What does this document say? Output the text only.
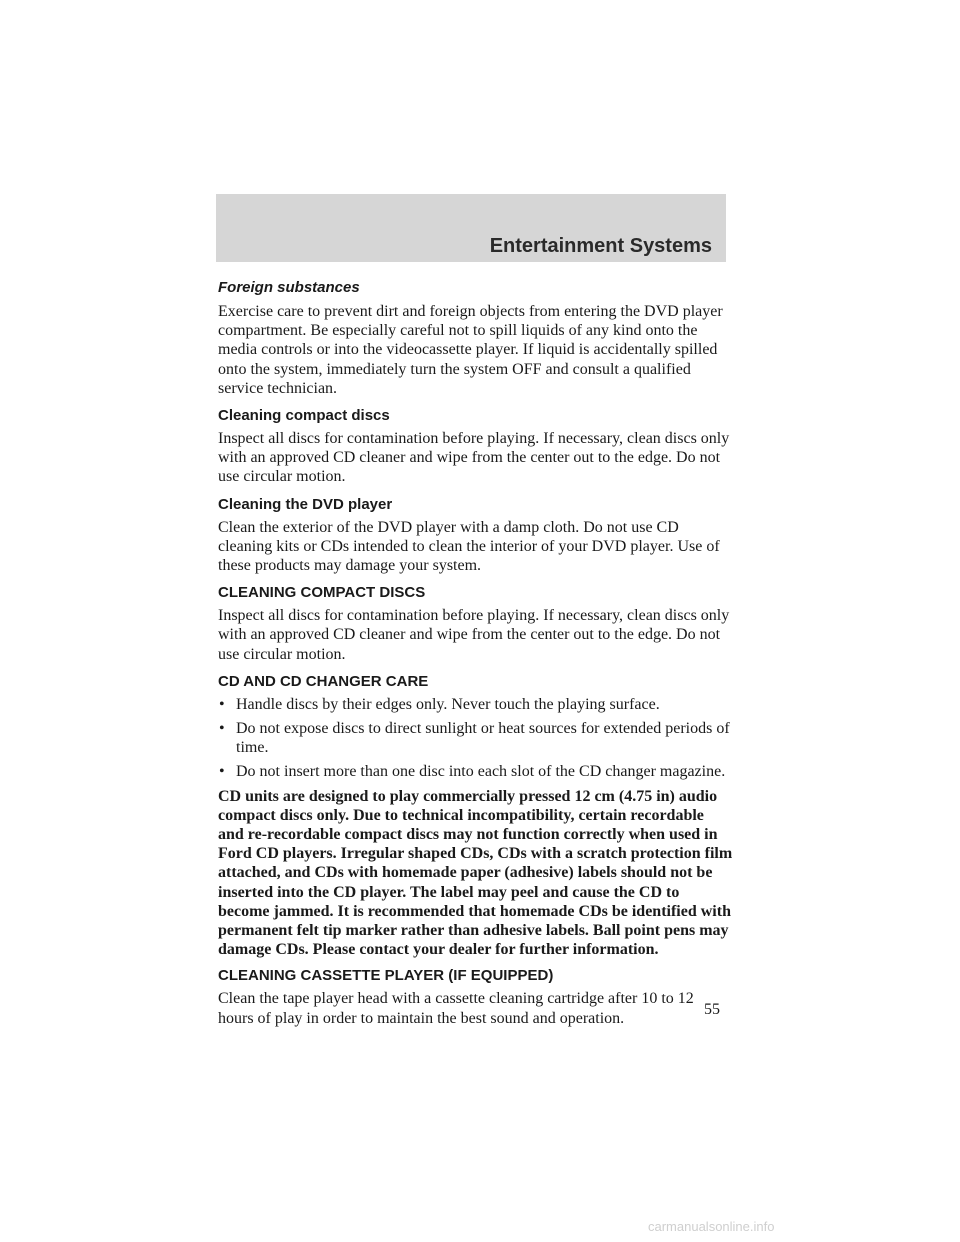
Entertainment Systems
Foreign substances

Exercise care to prevent dirt and foreign objects from entering the DVD player compartment. Be especially careful not to spill liquids of any kind onto the media controls or into the videocassette player. If liquid is accidentally spilled onto the system, immediately turn the system OFF and consult a qualified service technician.

Cleaning compact discs

Inspect all discs for contamination before playing. If necessary, clean discs only with an approved CD cleaner and wipe from the center out to the edge. Do not use circular motion.

Cleaning the DVD player

Clean the exterior of the DVD player with a damp cloth. Do not use CD cleaning kits or CDs intended to clean the interior of your DVD player. Use of these products may damage your system.

CLEANING COMPACT DISCS

Inspect all discs for contamination before playing. If necessary, clean discs only with an approved CD cleaner and wipe from the center out to the edge. Do not use circular motion.

CD AND CD CHANGER CARE
• Handle discs by their edges only. Never touch the playing surface.
• Do not expose discs to direct sunlight or heat sources for extended periods of time.
• Do not insert more than one disc into each slot of the CD changer magazine.

CD units are designed to play commercially pressed 12 cm (4.75 in) audio compact discs only. Due to technical incompatibility, certain recordable and re-recordable compact discs may not function correctly when used in Ford CD players. Irregular shaped CDs, CDs with a scratch protection film attached, and CDs with homemade paper (adhesive) labels should not be inserted into the CD player. The label may peel and cause the CD to become jammed. It is recommended that homemade CDs be identified with permanent felt tip marker rather than adhesive labels. Ball point pens may damage CDs. Please contact your dealer for further information.

CLEANING CASSETTE PLAYER (IF EQUIPPED)

Clean the tape player head with a cassette cleaning cartridge after 10 to 12 hours of play in order to maintain the best sound and operation.

55
carmanualsonline.info
